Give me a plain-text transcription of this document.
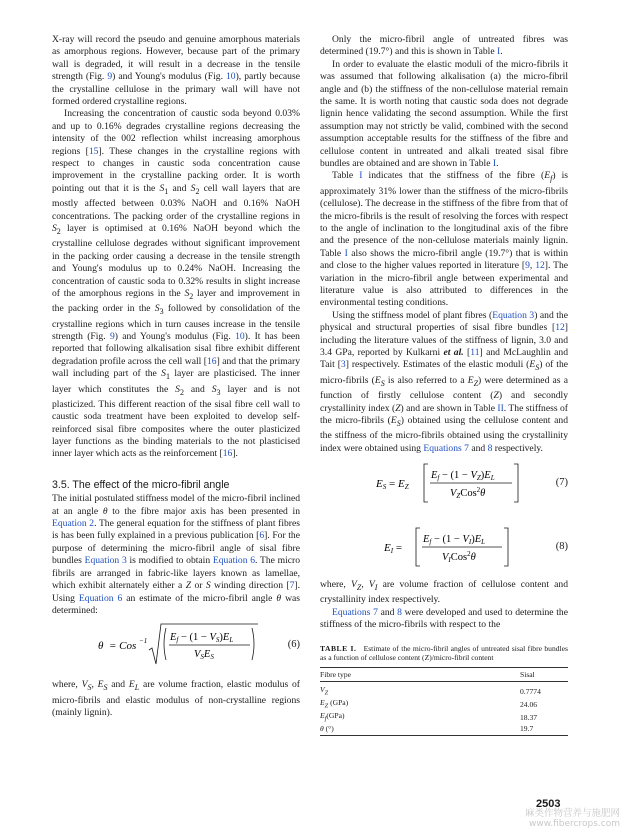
X-ray will record the pseudo and genuine amorphous materials as amorphous regions. However, because part of the primary wall is degraded, it will result in a decrease in the tensile strength (Fig. 9) and Young's modulus (Fig. 10), partly because the crystalline cellulose in the primary wall will have not formed ordered crystalline regions.

Increasing the concentration of caustic soda beyond 0.03% and up to 0.16% degrades crystalline regions decreasing the intensity of the 002 reflection whilst increasing amorphous regions [15]. These changes in the crystalline regions with respect to changes in caustic soda concentration cause improvement in the crystalline packing order. It is worth pointing out that it is the $S_1$ and $S_2$ cell wall layers that are mostly affected between 0.03% NaOH and 0.16% NaOH concentrations. The packing order of the crystalline regions in $S_2$ layer is optimised at 0.16% NaOH beyond which the crystalline cellulose degrades without significant improvement in the packing order causing a decrease in the tensile strength and Young's modulus up to 0.24% NaOH. Increasing the concentration of caustic soda to 0.32% results in slight increase of the amorphous regions in the $S_2$ layer and improvement in the packing order in the $S_3$ followed by consolidation of the crystalline regions which in turn causes increase in the tensile strength (Fig. 9) and Young's modulus (Fig. 10). It has been reported that following alkalisation sisal fibre exhibit different degradation profile across the cell wall [16] and that the primary wall including part of the $S_1$ layer are plasticised. The inner layer which constitutes the $S_2$ and $S_3$ layer and is not plasticized. This different reaction of the sisal fibre cell wall to caustic soda treatment have been exploited to develop self-reinforced sisal fibre composites where the outer plasticized layer functions as the binding materials to the not plasticised inner layer which acts as the reinforcement [16].

3.5. The effect of the micro-fibril angle

The initial postulated stiffness model of the micro-fibril inclined at an angle θ to the fibre major axis has been presented in Equation 2. The general equation for the stiffness of plant fibres is has been fully explained in a previous publication [6]. For the purpose of determining the micro-fibril angle of sisal fibre bundles Equation 3 is modified to obtain Equation 6. The micro fibrils are arranged in fabric-like layers known as lamellae, which exhibit alternately either a Z or S winding direction [7]. Using Equation 6 an estimate of the micro-fibril angle θ was determined:

θ = Cos −1 Ef − (1 − VS)EL
VSES
(6)

where, $V_S$, $E_S$ and $E_L$ are volume fraction, elastic modulus of micro-fibrils and elastic modulus of non-crystalline regions (mainly lignin).

Only the micro-fibril angle of untreated fibres was determined (19.7°) and this is shown in Table I.

In order to evaluate the elastic moduli of the micro-fibrils it was assumed that following alkalisation (a) the micro-fibril angle and (b) the stiffness of the non-cellulose material remain the same. It is worth noting that caustic soda does not degrade lignin hence validating the second assumption. While the first assumption may not strictly be valid, combined with the second assumption acceptable results for the stiffness of the fibre and cellulose content in untreated and alkali treated sisal fibre bundles are obtained and are shown in Table I.

Table I indicates that the stiffness of the fibre $(E_f)$ is approximately 31% lower than the stiffness of the micro-fibrils (cellulose). The decrease in the stiffness of the fibre from that of the micro-fibrils is the result of resolving the forces with respect to the angle of inclination to the longitudinal axis of the fibre and the presence of the non-cellulose materials mainly lignin. Table I also shows the micro-fibril angle (19.7°) that is within and close to the higher values reported in literature [9, 12]. The variation in the micro-fibril angle between experimental and literature value is also attributed to differences in the environmental testing conditions.

Using the stiffness model of plant fibres (Equation 3) and the physical and structural properties of sisal fibre bundles [12] including the literature values of the stiffness of lignin, 3.0 and 3.4 GPa, reported by Kulkarni et al. [11] and McLaughlin and Tait [3] respectively. Estimates of the elastic moduli $(E_S)$ of the micro-fibrils ($E_S$ is also referred to a $E_Z$) were determined as a function of firstly cellulose content (Z) and secondly crystallinity index (Z) and are shown in Table II. The stiffness of the micro-fibrils $(E_S)$ obtained using the cellulose content and the stiffness of the micro-fibrils obtained using the crystallinity index were obtained using Equations 7 and 8 respectively.

ES = EZ
Ef − (1 − VZ)EL
VZCos$^2$θ
(7)
EI =
Ef − (1 − VI)EL
VICos$^2$θ
(8)

where, $V_Z$, $V_I$ are volume fraction of cellulose content and crystallinity index respectively.

Equations 7 and 8 were developed and used to determine the stiffness of the micro-fibrils with respect to the

TABLE I. Estimate of the micro-fibril angles of untreated sisal fibre bundles as a function of cellulose content (Z)/micro-fibril content
Fibre type	Sisal
$V_Z$	0.7774
$E_Z$ (GPa)	24.06
$E_f(GPa)$	18.37
θ (°)	19.7
2503
麻类作物营养与施肥网
www.fibercrops.com
